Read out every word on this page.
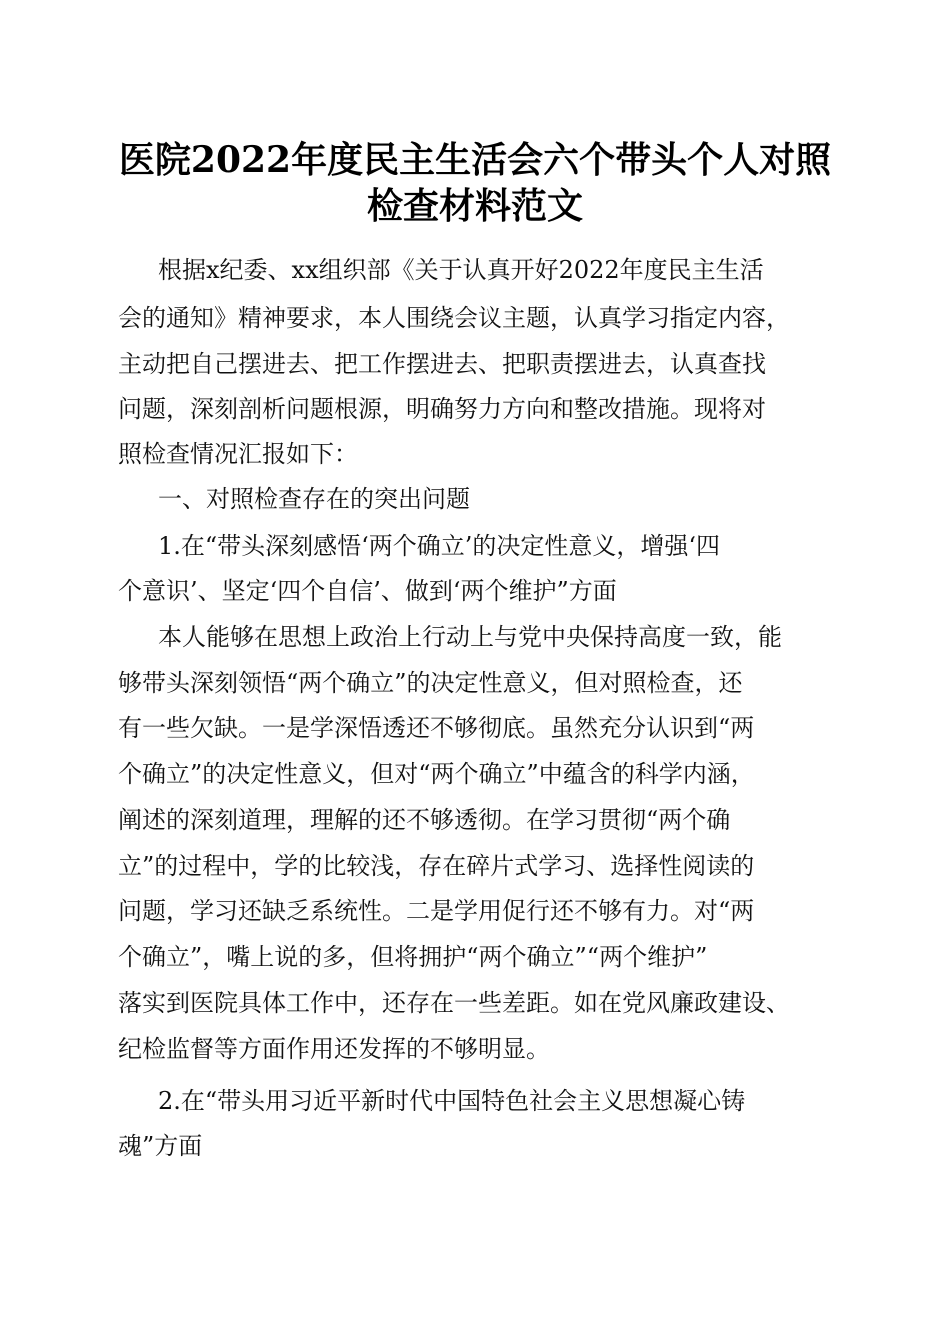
医院2022年度民主生活会六个带头个人对照
检查材料范文
根据x纪委、xx组织部《关于认真开好2022年度民主生活
会的通知》精神要求，本人围绕会议主题，认真学习指定内容，
主动把自己摆进去、把工作摆进去、把职责摆进去，认真查找
问题，深刻剖析问题根源，明确努力方向和整改措施。现将对
照检查情况汇报如下：
一、对照检查存在的突出问题
1.在“带头深刻感悟‘两个确立’的决定性意义，增强‘四
个意识’、坚定‘四个自信’、做到‘两个维护”方面
本人能够在思想上政治上行动上与党中央保持高度一致，能
够带头深刻领悟“两个确立”的决定性意义，但对照检查，还
有一些欠缺。一是学深悟透还不够彻底。虽然充分认识到“两
个确立”的决定性意义，但对“两个确立”中蕴含的科学内涵，
阐述的深刻道理，理解的还不够透彻。在学习贯彻“两个确
立”的过程中，学的比较浅，存在碎片式学习、选择性阅读的
问题，学习还缺乏系统性。二是学用促行还不够有力。对“两
个确立”，嘴上说的多，但将拥护“两个确立”“两个维护”
落实到医院具体工作中，还存在一些差距。如在党风廉政建设、
纪检监督等方面作用还发挥的不够明显。
2.在“带头用习近平新时代中国特色社会主义思想凝心铸
魂”方面
